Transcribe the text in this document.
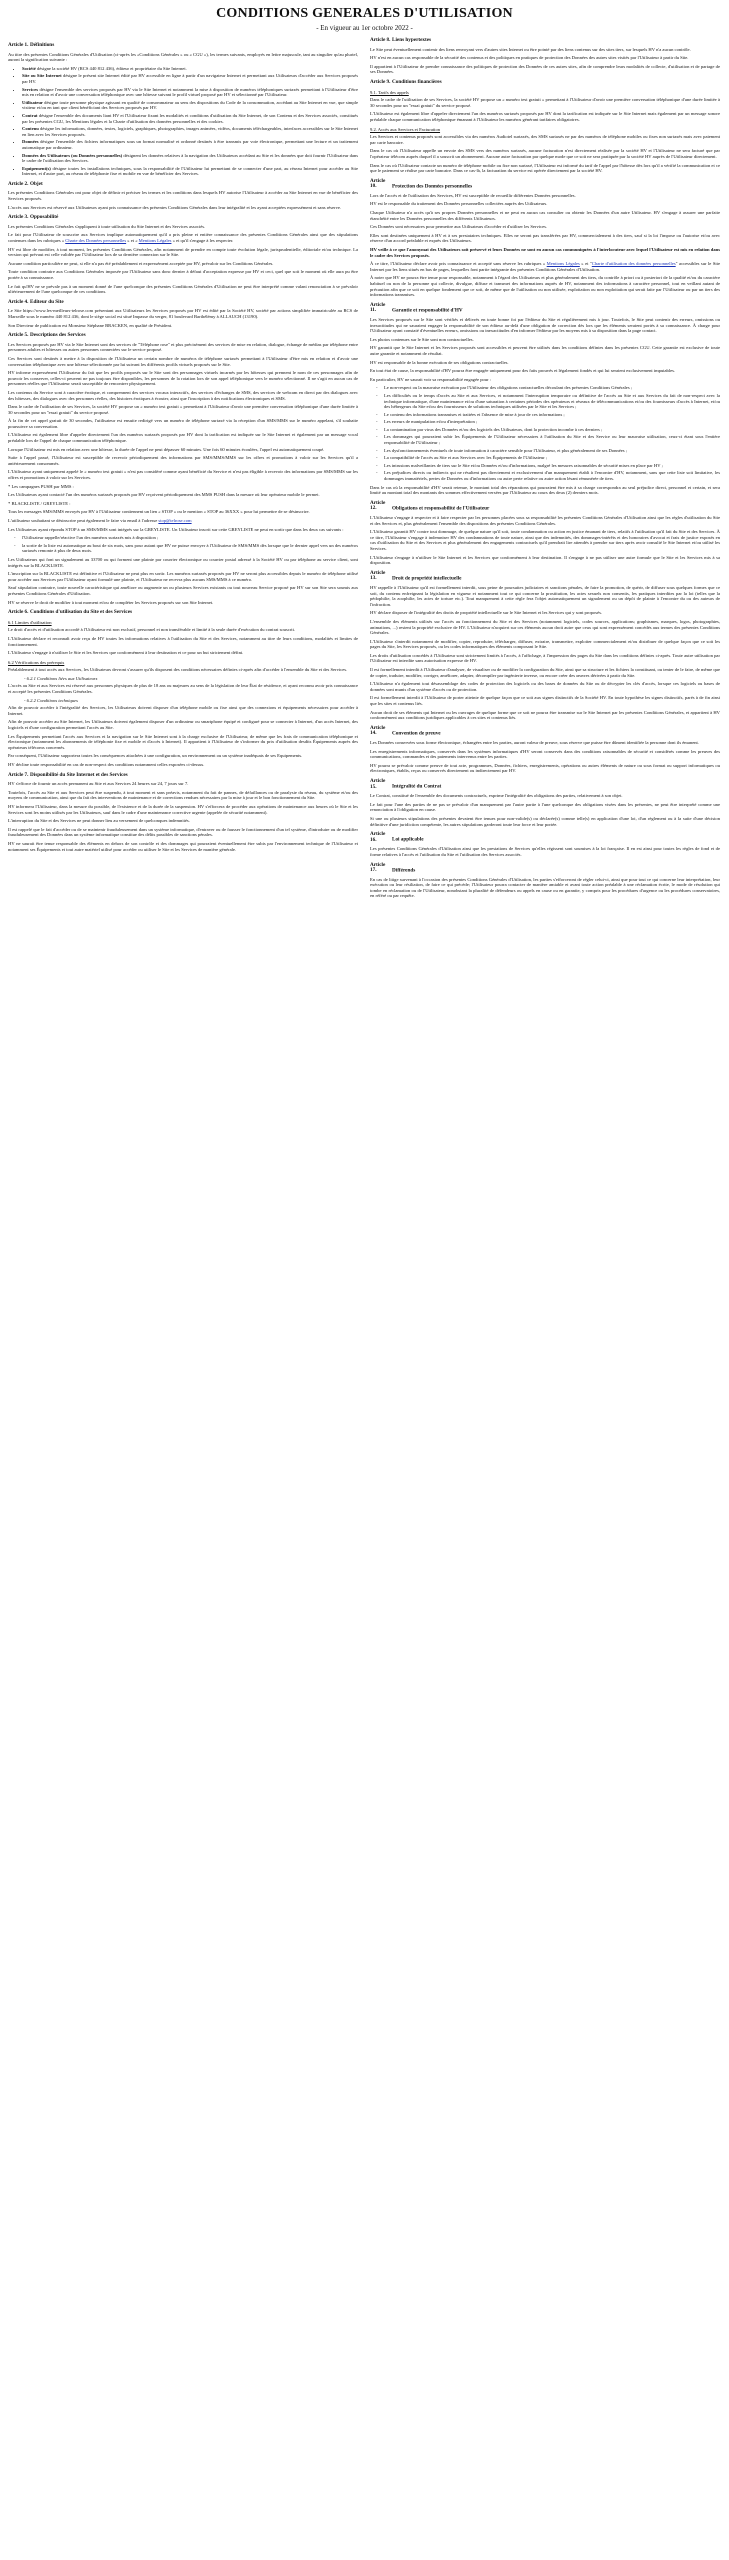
CONDITIONS GENERALES D'UTILISATION
- En vigueur au 1er octobre 2022 -
Article 1. Définitions

Au titre des présentes Conditions Générales d'Utilisation (ci-après les «Conditions Générales » ou « CGU »), les termes suivants, employés en lettre majuscule, tant au singulier qu'au pluriel, auront la signification suivante :

• Société désigne la société HV (RCS 440 812 436), éditeur et propriétaire du Site Internet.
• Site ou Site Internet désigne le présent site Internet édité par HV accessible en ligne à partir d'un navigateur Internet et permettant aux Utilisateurs d'accéder aux Services proposés par HV.
• Services désigne l'ensemble des services proposés par HV via le Site Internet et notamment la mise à disposition de numéros téléphoniques surtaxés permettant à l'Utilisateur d'être mis en relation et d'avoir une conversation téléphonique avec une hôtesse suivant le profil virtuel proposé par HV et sélectionné par l'Utilisateur.
• Utilisateur désigne toute personne physique agissant en qualité de consommateur au sens des dispositions du Code de la consommation, accédant au Site Internet en vue, que simple visiteur et/ou en tant que client bénéficiant des Services proposés par HV.
• Contrat désigne l'ensemble des documents liant HV et l'Utilisateur fixant les modalités et conditions d'utilisation du Site Internet, de son Contenu et des Services associés, constitués par les présentes CGU, les Mentions légales et la Charte d'utilisation des données personnelles et des cookies.
• Contenu désigne les informations, données, textes, logiciels, graphiques, photographies, images animées, vidéos, documents téléchargeables, interfaces accessibles sur le Site Internet en lien avec les Services proposés.
• Données désigne l'ensemble des fichiers informatiques sous un format normalisé et ordonné destinés à être transmis par voie électronique, permettant une lecture et un traitement automatique par ordinateur.
• Données des Utilisateurs (ou Données personnelles) désignent les données relatives à la navigation des Utilisateurs accédant au Site et les données que doit fournir l'Utilisateur dans le cadre de l'utilisation des Services.
• Equipement(s) désigne toutes les installations techniques, sous la responsabilité de l'Utilisateur lui permettant de se connecter d'une part, au réseau Internet pour accéder au Site Internet, et d'autre part, au réseau de téléphonie fixe et mobile en vue de bénéficier des Services.
Article 2. Objet

Les présentes Conditions Générales ont pour objet de définir et préciser les termes et les conditions dans lesquels HV autorise l'Utilisateur à accéder au Site Internet en vue de bénéficier des Services proposés.

L'accès aux Services est réservé aux Utilisateurs ayant pris connaissance des présentes Conditions Générales dans leur intégralité et les ayant acceptées expressément et sans réserve.

Article 3. Opposabilité

Les présentes Conditions Générales s'appliquent à toute utilisation du Site Internet et des Services associés.

Le fait pour l'Utilisateur de souscrire aux Services implique automatiquement qu'il a pris pleine et entière connaissance des présentes Conditions Générales ainsi que des stipulations contenues dans les rubriques « Charte des Données personnelles » et « Mentions Légales » et qu'il s'engage à les respecter.

HV est libre de modifier, à tout moment, les présentes Conditions Générales, afin notamment de prendre en compte toute évolution légale, jurisprudentielle, éditoriale et/ou technique. La version qui prévaut est celle validée par l'Utilisateur lors de sa dernière connexion sur le Site.

Aucune condition particulière ne peut, si elle n'a pas été préalablement et expressément acceptée par HV, prévaloir sur les Conditions Générales.

Toute condition contraire aux Conditions Générales imposée par l'Utilisateur sans donc dernier à défaut d'acceptation expresse par HV et ceci, quel que soit le moment où elle aura pu être portée à sa connaissance.

Le fait qu'HV ne se prévale pas à un moment donné de l'une quelconque des présentes Conditions Générales d'Utilisation ne peut être interprété comme valant renonciation à se prévaloir ultérieurement de l'une quelconque de ces conditions.

Article 4. Editeur du Site

Le Site https://www.les-meilleurs-telrose.com présentant aux Utilisateurs les Services proposés par HV est édité par la Société HV, société par actions simplifiée immatriculée au RCS de Marseille sous le numéro 440 812 436, dont le siège social est situé Impasse du verger, 81 boulevard Barthélémy à ALLAUCH (13190).

Son Directeur de publication est Monsieur Stéphane BRACKEN, en qualité de Président.

Article 5. Descriptions des Services

Les Services proposés par HV via le Site Internet sont des services de "Téléphone rose" et plus précisément des services de mise en relation, dialogue, échange de médias par téléphone entre personnes adultes et hôtesses ou autres personnes connectées sur le service proposé.

Ces Services sont destinés à mettre à la disposition de l'Utilisateur un certain nombre de numéros de téléphone surtaxés permettant à l'Utilisateur d'être mis en relation et d'avoir une conversation téléphonique avec une hôtesse sélectionnée par lui suivant les différents profils virtuels proposés sur le Site.

HV informe expressément l'Utilisateur du fait que les profils proposés sur le Site sont des personnages virtuels incarnés par les hôtesses qui prennent le nom de ces personnages afin de pouvoir les conserver, celles-ci peuvent ne pas toujours être disponibles, les personnes de la rotation lors de son appel téléphonique vers le numéro sélectionné. Il ne s'agit en aucun cas de personnes réelles que l'Utilisateur serait susceptible de rencontrer physiquement.

Les contenus du Service sont à caractère érotique, et comprennent des services vocaux interactifs, des services d'échanges de SMS, des services de webcam en direct par des dialogues avec des hôtesses, des dialogues avec des personnes réelles, des histoires érotiques à écouter, ainsi que l'inscription à des notifications électroniques et SMS.

Dans le cadre de l'utilisation de ses Services, la société HV propose un « numéro test gratuit » permettant à l'Utilisateur d'avoir une première conversation téléphonique d'une durée limitée à 30 secondes pour un "essai gratuit" du service proposé.

À la fin de cet appel gratuit de 30 secondes, l'utilisateur est ensuite redirigé vers un numéro de téléphone surtaxé via la réception d'un SMS/MMS sur le numéro appelant, s'il souhaite poursuivre sa conversation.

L'Utilisateur est également libre d'appeler directement l'un des numéros surtaxés proposés par HV dont la tarification est indiquée sur le Site Internet et également par un message vocal préalable lors de l'appel de chaque communication téléphonique.

Lorsque l'Utilisateur est mis en relation avec une hôtesse, la durée de l'appel ne peut dépasser 60 minutes. Une fois 60 minutes écoulées, l'appel est automatiquement coupé.

Suite à l'appel passé, l'Utilisateur est susceptible de recevoir périodiquement des informations par SMS/MMS/MMS sur les offres et promotions à valoir sur les Services qu'il a antérieurement consommés.

L'Utilisateur ayant uniquement appelé le « numéro test gratuit » n'est pas considéré comme ayant bénéficié du Service et n'est pas éligible à recevoir des informations par SMS/MMS sur les offres et promotions à valoir sur les Services.

* Les campagnes PUSH par MMS :

Les Utilisateurs ayant contacté l'un des numéros surtaxés proposés par HV reçoivent périodiquement des MMS PUSH dans la mesure où leur opérateur mobile le permet.

* BLACKLISTE / GREYLISTE :

Tous les messages SMS/MMS envoyés par HV à l'Utilisateur contiennent un lien « STOP » ou le mention « STOP au 36XXX » pour lui permettre de se désinscrire.

L'utilisateur souhaitant se désinscrire peut également le faire via email à l'adresse stop@telrose.com

Les Utilisateurs ayant répondu STOP à un SMS/MMS sont intégrés sur la GREYLISTE. Un Utilisateur inscrit sur cette GREYLISTE ne peut en sortir que dans les deux cas suivants :

- l'Utilisateur rappelle/réactive l'un des numéros surtaxés mis à disposition ;
- la sortie de la liste est automatique au bout de six mois, sans pour autant que HV ne puisse envoyer à l'Utilisateur de SMS/MMS dès lorsque que le dernier appel vers un des numéros surtaxés remonte à plus de deux mois.

Les Utilisateurs qui font un signalement au 33700 ou qui forment une plainte par courrier électronique ou courrier postal adressé à la Société HV ou par téléphone au service client, sont intégrés sur la BLACKLISTE.

L'inscription sur la BLACKLISTE est définitive et l'Utilisateur ne peut plus en sortir. Les numéros surtaxés proposés par HV ne seront plus accessibles depuis le numéro de téléphone utilisé pour accéder aux Services par l'Utilisateur ayant formulé une plainte, et l'Utilisateur ne recevra plus aucuns SMS/MMS à ce numéro.

Sauf stipulation contraire, toute nouvelle caractéristique qui améliore ou augmente un ou plusieurs Services existants ou tout nouveau Service proposé par HV sur son Site sera soumis aux présentes Conditions Générales d'Utilisation.

HV se réserve le droit de modifier à tout moment et/ou de compléter les Services proposés sur son Site Internet.

Article 6. Conditions d'utilisation du Site et des Services
6.1 Limites d'utilisation

Le droit d'accès et d'utilisation accordé à l'Utilisateur est non exclusif, personnel et non transférable et limité à la seule durée d'exécution du contrat souscrit.

L'Utilisateur déclare et reconnaît avoir reçu de HV toutes les informations relatives à l'utilisation du Site et des Services, notamment au titre de leurs conditions, modalités et limites de fonctionnement.

L'Utilisateur s'engage à n'utiliser le Site et les Services que conformément à leur destination et ce pour un but strictement défini.

6.2 Vérifications des prérequis

Préalablement à tout accès aux Services, les Utilisateurs devront s'assurer qu'ils disposent des conditions nécessaires définies ci-après afin d'accéder à l'ensemble du Site et des Services.

- 6.2.1 Conditions liées aux Utilisateurs

L'accès au Site et aux Services est réservé aux personnes physiques de plus de 18 ans ou majeures au sens de la législation de leur État de résidence, et ayant reconnu avoir pris connaissance et accepté les présentes Conditions Générales.

- 6.2.2 Conditions techniques

Afin de pouvoir accéder à l'intégralité des Services, les Utilisateurs doivent disposer d'un téléphone mobile ou fixe ainsi que des connexions et équipements nécessaires pour accéder à Internet.

Afin de pouvoir accéder au Site Internet, les Utilisateurs doivent également disposer d'un ordinateur ou smartphone équipé et configuré pour se connecter à Internet, d'un accès Internet, des logiciels et d'une configuration permettant l'accès au Site.

Les Équipements permettant l'accès aux Services et la navigation sur le Site Internet sont à la charge exclusive de l'Utilisateur, de même que les frais de communication téléphonique et électronique (notamment les abonnements de téléphonie fixe et mobile et d'accès à Internet). Il appartient à l'Utilisateur de s'informer du prix d'utilisation desdits Équipements auprès des opérateurs télécoms concernés.

Par conséquent, l'Utilisateur supportera toutes les conséquences attachées à une configuration, un environnement ou un système inadéquats de ses Equipements.

HV décline toute responsabilité en cas de non-respect des conditions notamment celles exposées ci-dessus.

Article 7. Disponibilité du Site Internet et des Services

HV s'efforce de fournir un accès permanent au Site et aux Services 24 heures sur 24, 7 jours sur 7.

Toutefois, l'accès au Site et aux Services peut être suspendu, à tout moment et sans préavis, notamment du fait de pannes, de défaillances ou de paralysie du réseau, du système et/ou des moyens de communication, ainsi que du fait des interventions de maintenance et de corrections rendues nécessaires par la mise à jour et le bon fonctionnement du Site.

HV informera l'Utilisateur, dans la mesure du possible, de l'existence et de la durée de la suspension. HV s'efforcera de procéder aux opérations de maintenance aux heures où le Site et les Services sont les moins utilisés par les Utilisateurs, sauf dans le cadre d'une maintenance corrective urgente (appelée de sécurité notamment).

L'interruption du Site et des Services ne peut donner lieu au versement de quelconques indemnités.

Il est rappelé que le fait d'accéder ou de se maintenir frauduleusement dans un système informatique, d'entraver ou de fausser le fonctionnement d'un tel système, d'introduire ou de modifier frauduleusement des Données dans un système informatique constitue des délits passibles de sanctions pénales.

HV ne saurait être tenue responsable des éléments en dehors de son contrôle et des dommages qui pourraient éventuellement être subis par l'environnement technique de l'Utilisateur et notamment ses Équipements et tout autre matériel utilisé pour accéder ou utiliser le Site et les Services de manière générale.

Article 8. Liens hypertextes

Le Site peut éventuellement contenir des liens renvoyant vers d'autres sites Internet ou être pointé par des liens contenus sur des sites tiers, sur lesquels HV n'a aucun contrôle.

HV n'est en aucun cas responsable de la sécurité des contenus et des politiques en pratiques de protection des Données des autres sites visités par l'Utilisateur à partir du Site.

Il appartient à l'Utilisateur de prendre connaissance des politiques de protection des Données de ces autres sites, afin de comprendre leurs modalités de collecte, d'utilisation et de partage de ses Données.

Article 9. Conditions financières
9.1. Tarifs des appels

Dans le cadre de l'utilisation de ses Services, la société HV propose un « numéro test gratuit » permettant à l'Utilisateur d'avoir une première conversation téléphonique d'une durée limitée à 30 secondes pour un "essai gratuit" du service proposé.

L'Utilisateur est également libre d'appeler directement l'un des numéros surtaxés proposés par HV dont la tarification est indiquée sur le Site Internet mais également par un message sonore préalable chaque communication téléphonique émanant à l'Utilisateur les numéros générant tarifaires obligatoires.

9.2. Accès aux Services et Facturation

Les Services et contenus proposés sont accessibles via des numéros Audiotel surtaxés, des SMS surtaxés ne par des numéros de téléphone mobiles ou fixes non surtaxés mais avec paiement par carte bancaire.

Dans le cas où l'Utilisateur appelle un envoie des SMS vers des numéros surtaxés, aucune facturation n'est directement réalisée par la société HV et l'Utilisateur ne sera facturé que par l'opérateur télécom auprès duquel il a souscrit un abonnement. Aucune autre facturation par quelque mode que ce soit ne sera pratiquée par la société HV auprès de l'Utilisateur directement.

Dans le cas où l'Utilisateur contacte un numéro de téléphone mobile ou fixe non surtaxé, l'Utilisateur est informé du tarif de l'appel par l'hôtesse dès lors qu'il a vérifié la communication et ce que le paiement se réalise par carte bancaire. Dans ce cas-là, la facturation du service est opérée directement par la société HV.

Article 10.	Protection des Données personnelles

Lors de l'accès et de l'utilisation des Services, HV est susceptible de recueillir différentes Données personnelles.

HV est le responsable du traitement des Données personnelles collectées auprès des Utilisateurs.

Chaque Utilisateur n'a accès qu'à ses propres Données personnelles et ne peut en aucun cas consulter ou obtenir les Données d'un autre Utilisateur. HV s'engage à assurer une parfaite étanchéité entre les Données personnelles des différents Utilisateurs.

Ces Données sont nécessaires pour permettre aux Utilisateurs d'accéder et d'utiliser les Services.

Elles sont destinées uniquement à HV et à ses prestataires techniques. Elles ne seront pas transférées par HV, commercialement à des tiers, sauf si la loi l'impose ou l'autorise et/ou avec réserve d'un accord préalable et exprès des Utilisateurs.

HV veille à ce que l'anonymat des Utilisateurs soit préservé et leurs Données ne sont en aucun cas communiquées à l'interlocuteur avec lequel l'Utilisateur est mis en relation dans le cadre des Services proposés.

À ce titre, l'Utilisateur déclare avoir pris connaissance et accepté sans réserve les rubriques « Mentions Légales » et "Charte d'utilisation des données personnelles" accessibles sur le Site Internet par les liens situés en bas de pages, lesquelles font partie intégrante des présentes Conditions Générales d'Utilisation.

À noter que HV ne pourra être tenue pour responsable, notamment à l'égard des Utilisateurs et plus généralement des tiers, du contrôle à priori ou à posteriori de la qualité et/ou du caractère habituel ou non de la personne qui collecte, divulgue, diffuse et transmet des informations auprès de HV, notamment des informations à caractère personnel, tout en veillant autant de précaution afin que ce soit en quelque fondement que ce soit, de même que de l'utilisation ou non utilisée, exploitation ou non exploitation qui serait faite par l'Utilisateur ou par un tiers des informations transmises.

Article 11.	Garantie et responsabilité d'HV

Les Services proposés sur le Site sont vérifiés et délivrés en toute bonne foi par l'éditeur du Site et régulièrement mis à jour. Toutefois, le Site peut contenir des erreurs, omissions ou inexactitudes qui ne sauraient engager la responsabilité de son éditeur au-delà d'une obligation de correction dès lors que les éléments seraient portés à sa connaissance. À charge pour l'Utilisateur ayant constaté d'éventuelles erreurs, omissions ou inexactitudes d'en informer l'éditeur par les moyens mis à sa disposition dans la page contact.

Les photos contenues sur le Site sont non contractuelles.

HV garantit que le Site Internet et les Services proposés sont accessibles et peuvent être utilisés dans les conditions définies dans les présentes CGU. Cette garantie est exclusive de toute autre garantie et notamment de résultat.

HV est responsable de la bonne exécution de ses obligations contractuelles.

En tout état de cause, la responsabilité d'HV pourra être engagée uniquement pour des faits prouvés et légalement fondés et qui lui seraient exclusivement imputables.

En particulier, HV ne saurait voir sa responsabilité engagée pour :

- Le non-respect ou la mauvaise exécution par l'Utilisateur des obligations contractuelles découlant des présentes Conditions Générales ;
- Les difficultés ou le temps d'accès au Site et aux Services, et notamment l'interruption temporaire ou définitive de l'accès au Site et aux Services du fait de non-respect avec la technique informatique, d'une maintenance et/ou d'une saturation à certaines périodes des opérateurs et réseaux de télécommunications et/ou des fournisseurs d'accès à Internet, et/ou des hébergeurs du Site et/ou des fournisseurs de solutions techniques utilisées par le Site et les Services ;
- Le contenu des informations transmises et traitées et l'absence de mise à jour de ces informations ;
- Les erreurs de manipulation et/ou d'interprétation ;
- La contamination par virus des Données et/ou des logiciels des Utilisateurs, dont la protection incombe à ces derniers ;
- Les dommages qui pourraient subir les Équipements de l'Utilisateur nécessaires à l'utilisation du Site et des Service ou leur mauvaise utilisation, ceux-ci étant sous l'entière responsabilité de l'Utilisateur ;
- Les dysfonctionnements éventuels de toute information à caractère sensible pour l'Utilisateur, et plus généralement de ses Données ;
- La compatibilité de l'accès au Site et aux Services avec les Équipements de l'Utilisateur ;
- Les intrusions malveillantes de tiers sur le Site et/ou Données et/ou d'informations, malgré les mesures raisonnables de sécurité mises en place par HV ;
- Les préjudices directs ou indirects qui ne résultent pas directement et exclusivement d'un manquement établi à l'encontre d'HV, notamment, sans que cette liste soit limitative, les dommages immatériels, pertes de Données ou d'informations ou autre perte relative ou autre action lésant rémunérée de tiers.

Dans le cas où la responsabilité d'HV serait retenue, le montant total des réparations qui pourraient être mis à sa charge correspondra au seul préjudice direct, personnel et certain, et sera limité au montant total des montants des sommes effectivement versées par l'Utilisateur au cours des deux (2) derniers mois.

Article 12.	Obligations et responsabilité de l'Utilisateur

L'Utilisateur s'engage à respecter et à faire respecter par les personnes placées sous sa responsabilité les présentes Conditions Générales d'Utilisation ainsi que les règles d'utilisation du Site et des Services et, plus généralement l'ensemble des dispositions des présentes Conditions Générales.

L'Utilisateur garantit HV contre tout dommage, de quelque nature qu'il soit, toute condamnation ou action en justice émanant de tiers, relatifs à l'utilisation qu'il fait du Site et des Services. À ce titre, l'Utilisateur s'engage à indemniser HV des condamnations de toute nature, ainsi que des indemnités, des dommages-intérêts et des honoraires d'avocat et frais de justice exposés en cas d'utilisation du Site et des Services et plus généralement des engagements contractuels qu'il prendrait lire attendés à prendre sur tiers après avoir consulté le Site Internet et/ou utilisé les Services.

L'Utilisateur s'engage à n'utiliser le Site Internet et les Services que conformément à leur destination. Il s'engage à ne pas utiliser une autre formule que le Site et les Services mis à sa disposition.

Article 13.	Droit de propriété intellectuelle

HV rappelle à l'Utilisateur qu'il est formellement interdit, sous peine de poursuites judiciaires et sanctions pénales, de faire la promotion, de quérir, de diffuser sous quelques formes que ce soit, du contenu enfreignant la législation en vigueur et notamment tout ce qui concerne la prostitution, les actes sexuels non consentis, les pratiques interdites par la loi (telles que la pédophilie, la zoophilie, les actes de torture etc.). Tout manquement à cette règle fera l'objet automatiquement un signalement ou un dépôt de plainte à l'encontre du ou des auteurs de l'infraction.

HV déclare disposer de l'intégralité des droits de propriété intellectuelle sur le Site Internet et les Services qui y sont proposés.

L'ensemble des éléments utilisés sur l'accès au fonctionnement du Site et des Services (notamment logiciels, codes sources, applications; graphismes, marques, logos, photographies, animations, ...) restent la propriété exclusive de HV. L'Utilisateur n'acquiert sur ces éléments aucun droit autre que ceux qui sont expressément concédés aux termes des présentes Conditions Générales.

L'Utilisateur s'interdit notamment de modifier, copier, reproduire, télécharger, diffuser, extraire, transmettre, exploiter commercialement et/ou distribuer de quelque façon que ce soit les pages du Site, les Services proposés, ou les codes informatiques des éléments composant le Site.

Les droits d'utilisation concédés à l'Utilisateur sont strictement limités à l'accès, à l'affichage, à l'impression des pages du Site dans les conditions définies ci-après. Toute autre utilisation par l'Utilisateur est interdite sans autorisation expresse de HV.

Il est formellement interdit à l'Utilisateur d'analyser, de visualiser ou de modifier la configuration du Site, ainsi que sa structure et les fichiers la constituant, ou tenter de le faire, de même que de copier, traduire, modifier, corriger, améliorer, adapter, décompiler par ingénierie inverse, ou encore créer des œuvres dérivées à partir du Site.

L'Utilisateur n'a également tout désassemblage des codes de protection des logiciels ou des bases de données du Site ou de décrypter les clés d'accès, lorsque ces logiciels ou bases de données sont munis d'un système d'accès ou de protection.

Il est formellement interdit à l'Utilisateur de porter atteinte de quelque façon que ce soit aux signes distinctifs de la Société HV. En toute hypothèse les signes distinctifs, parés à de fin ainsi que les sites et contenus liés.

Aucun droit de ses éléments qui Internet ou les ouvrages de quelque forme que ce soit ne pourra être transmise sur le Site Internet par les présentes Conditions Générales, et appartient à HV conformément aux conditions juridiques applicables à ces sites et contenus liés.

Article 14.	Convention de preuve

Les Données conservées sous forme électronique, échangées entre les parties, auront valeur de preuve, sous réserve que puisse être dûment identifiée la personne dont ils émanent.

Les enregistrements informatiques, conservés dans les systèmes informatiques d'HV seront conservés dans des conditions raisonnables de sécurité et considérés comme les preuves des communications, commandes et des paiements intervenus entre les parties.

HV pourra se prévaloir comme preuve de tout acte, programmes, Données, fichiers, enregistrements, opérations ou autres éléments de nature ou sous format ou support informatiques ou électroniques, établis, reçus ou conservés directement ou indirectement par HV.

Article 15.	Intégralité du Contrat

Le Contrat, constitué de l'ensemble des documents contractuels, exprime l'intégralité des obligations des parties, relativement à son objet.

Le fait pour l'une des parties de ne pas se prévaloir d'un manquement par l'autre partie à l'une quelconque des obligations visées dans les présentes, ne peut être interprété comme une renonciation à l'obligation en cause.

Si une ou plusieurs stipulations des présentes devaient être tenues pour non-valide(s) ou déclarée(s) comme telle(s) en application d'une loi, d'un règlement ou à la suite d'une décision définitive d'une juridiction compétente, les autres stipulations garderont toute leur force et leur portée.

Article 16.	Loi applicable

Les présentes Conditions Générales d'Utilisation ainsi que les prestations de Services qu'elles régissent sont soumises à la loi française. Il en est ainsi pour toutes les règles de fond et de forme relatives à l'accès et l'utilisation du Site et l'utilisation des Services associés.

Article 17.	Différends

En cas de litige survenant à l'occasion des présentes Conditions Générales d'Utilisation, les parties s'efforceront de régler celui-ci, ainsi que pour tout ce qui concerne leur interprétation, leur exécution ou leur résiliation, de faire ce qui précède; l'Utilisateur pourra contacter de manière amiable et avant toute action préalable à une réclamation écrite, le mode de résolution qui tombe en réclamation ou de l'Utilisateur, nonobstant la pluralité de défendeurs ou appels en cause ou en garantie, y compris pour les procédures d'urgence ou les procédures conservatoires, en référé ou par requête.
